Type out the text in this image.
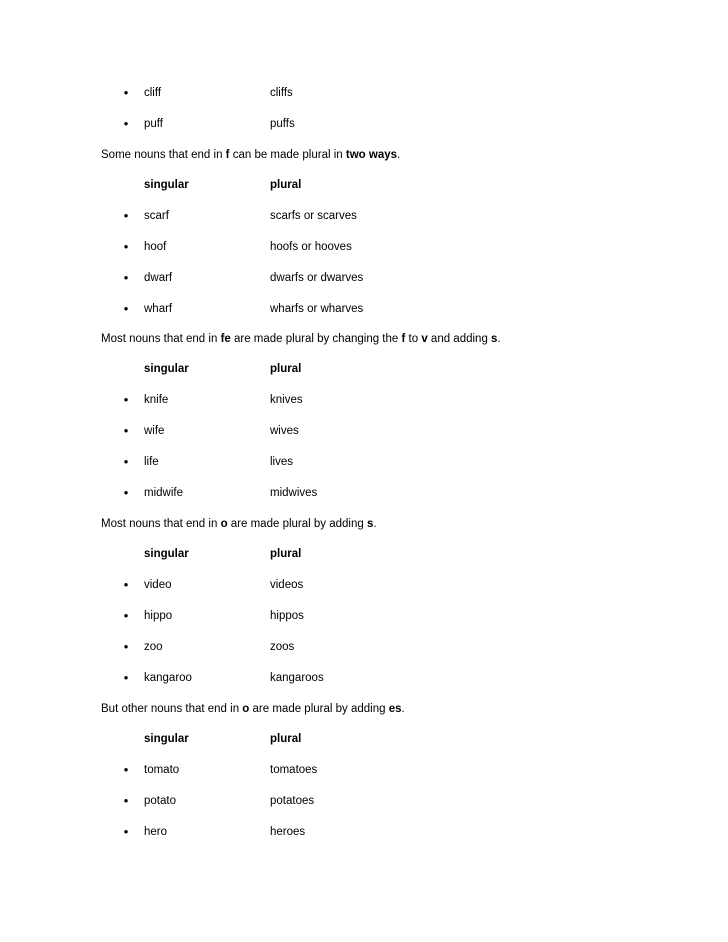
•	cliff	cliffs
•	puff	puffs
Some nouns that end in f can be made plural in two ways.
singular	plural
•	scarf	scarfs or scarves
•	hoof	hoofs or hooves
•	dwarf	dwarfs or dwarves
•	wharf	wharfs or wharves
Most nouns that end in fe are made plural by changing the f to v and adding s.
singular	plural
•	knife	knives
•	wife	wives
•	life	lives
•	midwife	midwives
Most nouns that end in o are made plural by adding s.
singular	plural
•	video	videos
•	hippo	hippos
•	zoo	zoos
•	kangaroo	kangaroos
But other nouns that end in o are made plural by adding es.
singular	plural
•	tomato	tomatoes
•	potato	potatoes
•	hero	heroes
